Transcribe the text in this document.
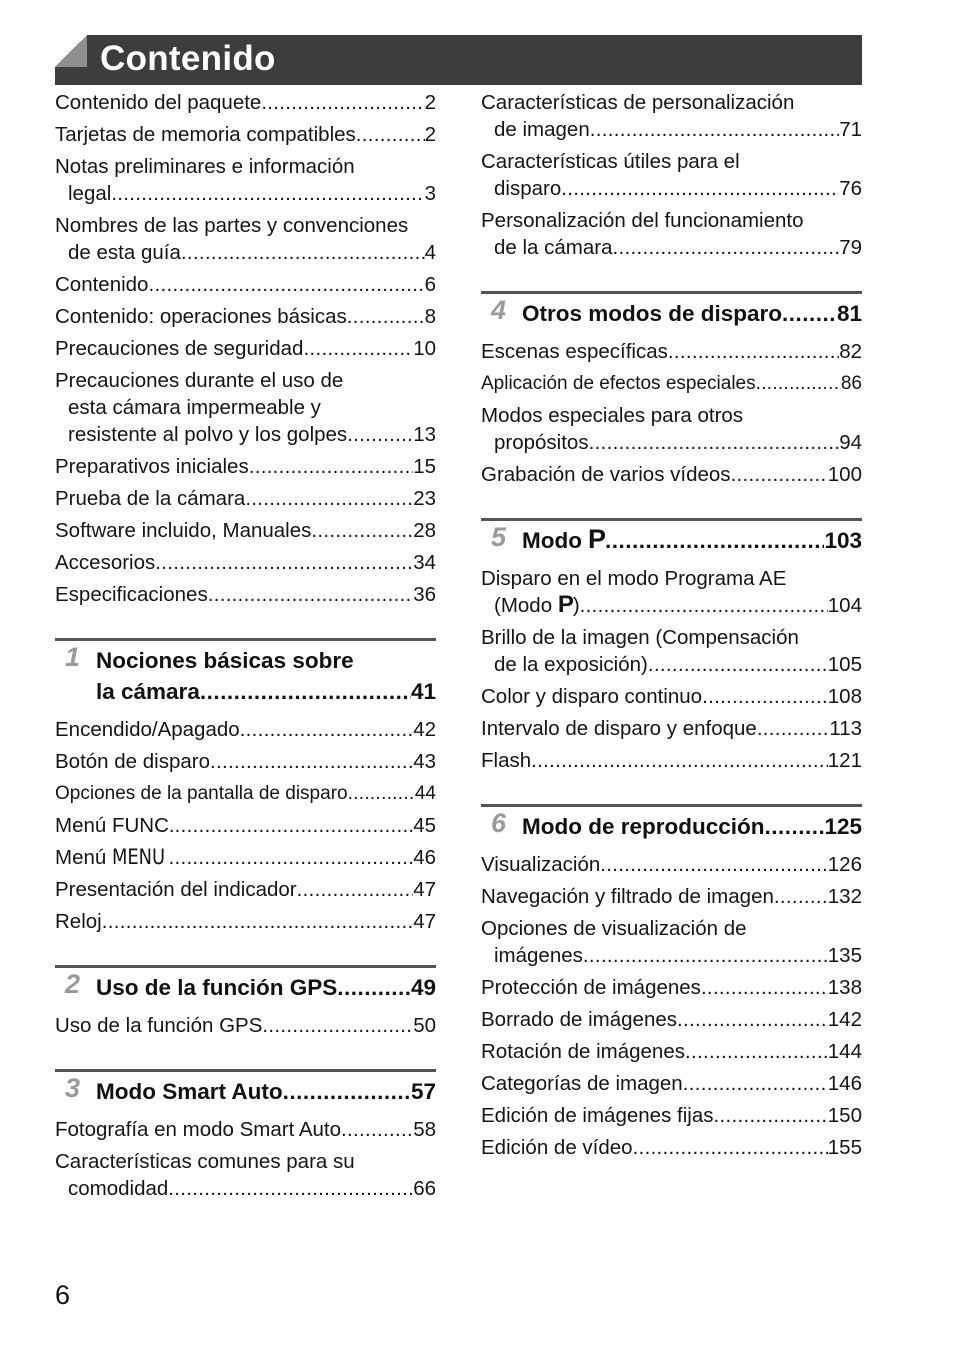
Contenido
Contenido del paquete .....	2
Tarjetas de memoria compatibles .....	2
Notas preliminares e información
legal .....	3
Nombres de las partes y convenciones
de esta guía .....	4
Contenido .....	6
Contenido: operaciones básicas .....	8
Precauciones de seguridad .....	10
Precauciones durante el uso de
esta cámara impermeable y
resistente al polvo y los golpes .....	13
Preparativos iniciales .....	15
Prueba de la cámara .....	23
Software incluido, Manuales .....	28
Accesorios .....	34
Especificaciones .....	36
1 Nociones básicas sobre
la cámara .....	41
Encendido/Apagado .....	42
Botón de disparo .....	43
Opciones de la pantalla de disparo .....	44
Menú FUNC. .....	45
Menú MENU .....	46
Presentación del indicador .....	47
Reloj .....	47
2 Uso de la función GPS .....	49
Uso de la función GPS .....	50
3 Modo Smart Auto .....	57
Fotografía en modo Smart Auto .....	58
Características comunes para su
comodidad .....	66
Características de personalización
de imagen .....	71
Características útiles para el
disparo .....	76
Personalización del funcionamiento
de la cámara .....	79
4 Otros modos de disparo ..... 81
Escenas específicas .....	82
Aplicación de efectos especiales .....	86
Modos especiales para otros
propósitos .....	94
Grabación de varios vídeos .....	100
5 Modo P .....	103
Disparo en el modo Programa AE
(Modo P ) .....	104
Brillo de la imagen (Compensación
de la exposición) .....	105
Color y disparo continuo .....	108
Intervalo de disparo y enfoque .....	113
Flash .....	121
6 Modo de reproducción .....	125
Visualización .....	126
Navegación y filtrado de imagen .....	132
Opciones de visualización de
imágenes .....	135
Protección de imágenes .....	138
Borrado de imágenes .....	142
Rotación de imágenes .....	144
Categorías de imagen .....	146
Edición de imágenes fijas .....	150
Edición de vídeo .....	155
6
